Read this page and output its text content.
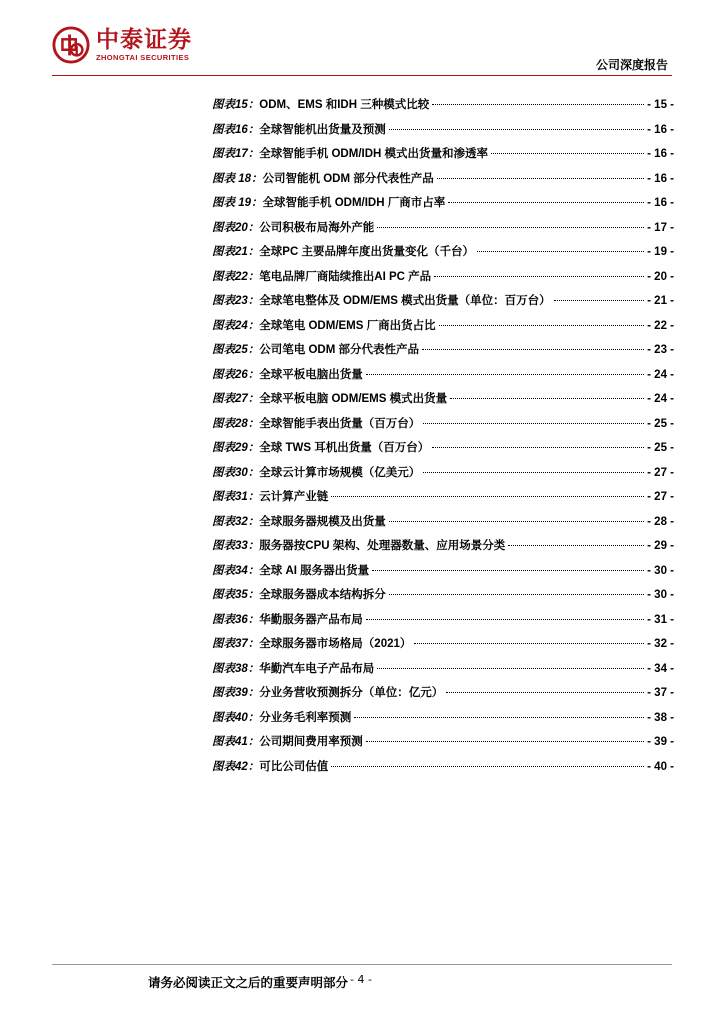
中泰证券
ZHONGTAI SECURITIES
公司深度报告
图表15： ODM、EMS 和IDH 三种模式比较	- 15 -
图表16： 全球智能机出货量及预测	- 16 -
图表17： 全球智能手机 ODM/IDH 模式出货量和渗透率	- 16 -
图表 18： 公司智能机 ODM 部分代表性产品	- 16 -
图表 19： 全球智能手机 ODM/IDH 厂商市占率	- 16 -
图表20： 公司积极布局海外产能	- 17 -
图表21： 全球PC 主要品牌年度出货量变化（千台）	- 19 -
图表22： 笔电品牌厂商陆续推出AI PC 产品	- 20 -
图表23： 全球笔电整体及 ODM/EMS 模式出货量（单位：百万台）	- 21 -
图表24： 全球笔电 ODM/EMS 厂商出货占比	- 22 -
图表25： 公司笔电 ODM 部分代表性产品	- 23 -
图表26： 全球平板电脑出货量	- 24 -
图表27： 全球平板电脑 ODM/EMS 模式出货量	- 24 -
图表28： 全球智能手表出货量（百万台）	- 25 -
图表29： 全球 TWS 耳机出货量（百万台）	- 25 -
图表30： 全球云计算市场规模（亿美元）	- 27 -
图表31： 云计算产业链	- 27 -
图表32： 全球服务器规模及出货量	- 28 -
图表33： 服务器按CPU 架构、处理器数量、应用场景分类	- 29 -
图表34： 全球 AI 服务器出货量	- 30 -
图表35： 全球服务器成本结构拆分	- 30 -
图表36： 华勤服务器产品布局	- 31 -
图表37： 全球服务器市场格局（2021）	- 32 -
图表38： 华勤汽车电子产品布局	- 34 -
图表39： 分业务营收预测拆分（单位：亿元）	- 37 -
图表40： 分业务毛利率预测	- 38 -
图表41： 公司期间费用率预测	- 39 -
图表42： 可比公司估值	- 40 -
请务必阅读正文之后的重要声明部分 - 4 -
